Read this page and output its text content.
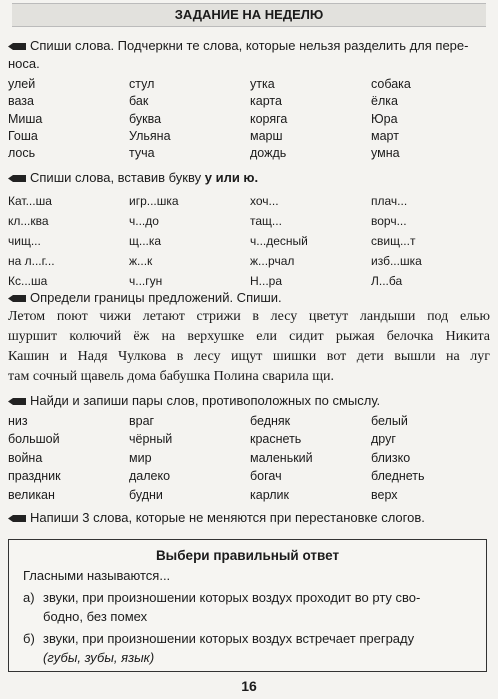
ЗАДАНИЕ НА НЕДЕЛЮ
Спиши слова. Подчеркни те слова, которые нельзя разделить для пере-
носа.
улей	стул	утка	собака
ваза	бак	карта	ёлка
Миша	буква	коряга	Юра
Гоша	Ульяна	марш	март
лось	туча	дождь	умна
Спиши слова, вставив букву у или ю.
Кат...ша	игр...шка	хоч...	плач...
кл...ква	ч...до	тащ...	ворч...
чищ...	щ...ка	ч...десный	свищ...т
на л...г...	ж...к	ж...рчал	изб...шка
Кс...ша	ч...гун	Н...ра	Л...ба
Определи границы предложений. Спиши.
Летом поют чижи летают стрижи в лесу цветут ландыши под елью
шуршит колючий ёж на верхушке ели сидит рыжая белочка Никита
Кашин и Надя Чулкова в лесу ищут шишки вот дети вышли на луг
там сочный щавель дома бабушка Полина сварила щи.
Найди и запиши пары слов, противоположных по смыслу.
низ	враг	бедняк	белый
большой	чёрный	краснеть	друг
война	мир	маленький	близко
праздник	далеко	богач	бледнеть
великан	будни	карлик	верх
Напиши 3 слова, которые не меняются при перестановке слогов.
Выбери правильный ответ
Гласными называются...
а) звуки, при произношении которых воздух проходит во рту сво-
бодно, без помех
б) звуки, при произношении которых воздух встречает преграду
(губы, зубы, язык)
16
